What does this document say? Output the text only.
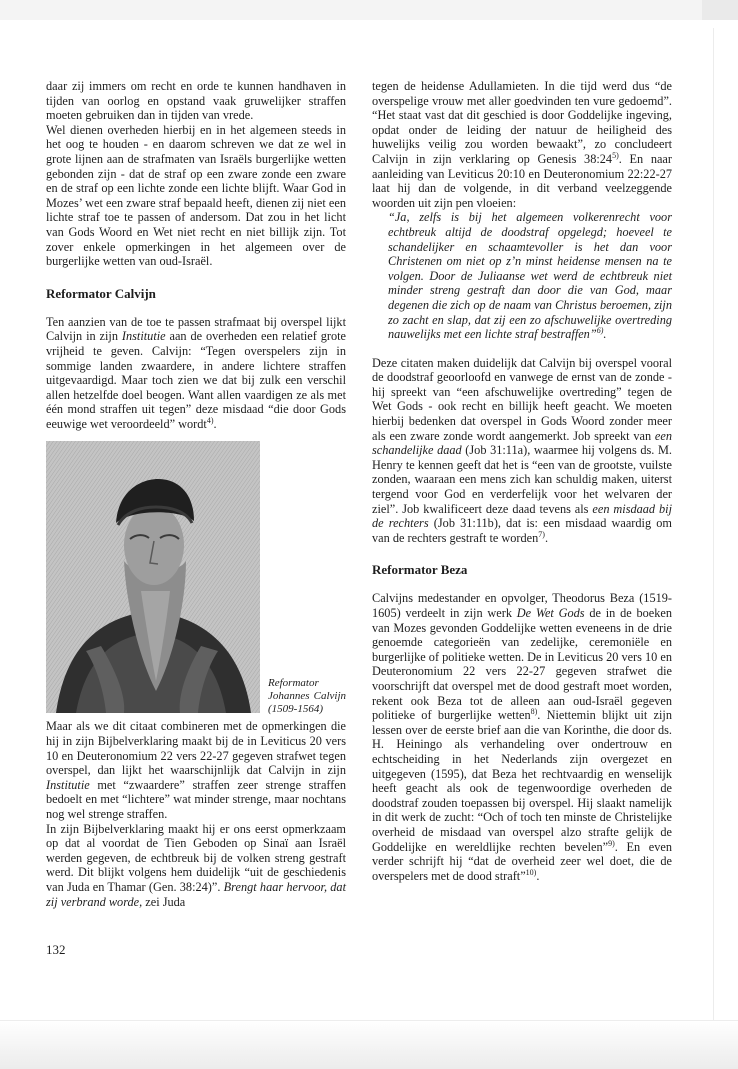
daar zij immers om recht en orde te kunnen handhaven in tijden van oorlog en opstand vaak gruwelijker straffen moeten gebruiken dan in tijden van vrede.

Wel dienen overheden hierbij en in het algemeen steeds in het oog te houden - en daarom schreven we dat ze wel in grote lijnen aan de strafmaten van Israëls burgerlijke wetten gebonden zijn - dat de straf op een zware zonde een zware en de straf op een lichte zonde een lichte blijft. Waar God in Mozes’ wet een zware straf bepaald heeft, dienen zij niet een lichte straf toe te passen of andersom. Dat zou in het licht van Gods Woord en Wet niet recht en niet billijk zijn. Tot zover enkele opmerkingen in het algemeen over de burgerlijke wetten van oud-Israël.

Reformator Calvijn

Ten aanzien van de toe te passen strafmaat bij overspel lijkt Calvijn in zijn Institutie aan de overheden een relatief grote vrijheid te geven. Calvijn: “Tegen overspelers zijn in sommige landen zwaardere, in andere lichtere straffen uitgevaardigd. Maar toch zien we dat bij zulk een verschil allen hetzelfde doel beogen. Want allen vaardigen ze als met één mond straffen uit tegen” deze misdaad “die door Gods eeuwige wet veroordeeld” wordt$^{4)}$.

Reformator Johannes Calvijn (1509-1564)

Maar als we dit citaat combineren met de opmerkingen die hij in zijn Bijbelverklaring maakt bij de in Leviticus 20 vers 10 en Deuteronomium 22 vers 22-27 gegeven strafwet tegen overspel, dan lijkt het waarschijnlijk dat Calvijn in zijn Institutie met “zwaardere” straffen zeer strenge straffen bedoelt en met “lichtere” wat minder strenge, maar nochtans nog wel strenge straffen.

In zijn Bijbelverklaring maakt hij er ons eerst opmerkzaam op dat al voordat de Tien Geboden op Sinaï aan Israël werden gegeven, de echtbreuk bij de volken streng gestraft werd. Dit blijkt volgens hem duidelijk “uit de geschiedenis van Juda en Thamar (Gen. 38:24)”. Brengt haar hervoor, dat zij verbrand worde, zei Juda

tegen de heidense Adullamieten. In die tijd werd dus “de overspelige vrouw met aller goedvinden ten vure gedoemd”. “Het staat vast dat dit geschied is door Goddelijke ingeving, opdat onder de leiding der natuur de heiligheid des huwelijks veilig zou worden bewaakt”, zo concludeert Calvijn in zijn verklaring op Genesis 38:24$^{5)}$. En naar aanleiding van Leviticus 20:10 en Deuteronomium 22:22-27 laat hij dan de volgende, in dit verband veelzeggende woorden uit zijn pen vloeien:

“Ja, zelfs is bij het algemeen volkerenrecht voor echtbreuk altijd de doodstraf opgelegd; hoeveel te schandelijker en schaamtevoller is het dan voor Christenen om niet op z’n minst heidense mensen na te volgen. Door de Juliaanse wet werd de echtbreuk niet minder streng gestraft dan door die van God, maar degenen die zich op de naam van Christus beroemen, zijn zo zacht en slap, dat zij een zo afschuwelijke overtreding nauwelijks met een lichte straf bestraffen”$^{6)}$.

Deze citaten maken duidelijk dat Calvijn bij overspel vooral de doodstraf geoorloofd en vanwege de ernst van de zonde - hij spreekt van “een afschuwelijke overtreding” tegen de Wet Gods - ook recht en billijk heeft geacht. We moeten hierbij bedenken dat overspel in Gods Woord zonder meer als een zware zonde wordt aangemerkt. Job spreekt van een schandelijke daad (Job 31:11a), waarmee hij volgens ds. M. Henry te kennen geeft dat het is “een van de grootste, vuilste zonden, waaraan een mens zich kan schuldig maken, uiterst tergend voor God en verderfelijk voor het welvaren der ziel”. Job kwalificeert deze daad tevens als een misdaad bij de rechters (Job 31:11b), dat is: een misdaad waardig om van de rechters gestraft te worden$^{7)}$.

Reformator Beza

Calvijns medestander en opvolger, Theodorus Beza (1519-1605) verdeelt in zijn werk De Wet Gods de in de boeken van Mozes gevonden Goddelijke wetten eveneens in de drie genoemde categorieën van zedelijke, ceremoniële en burgerlijke of politieke wetten. De in Leviticus 20 vers 10 en Deuteronomium 22 vers 22-27 gegeven strafwet die voorschrijft dat overspel met de dood gestraft moet worden, rekent ook Beza tot de alleen aan oud-Israël gegeven politieke of burgerlijke wetten$^{8)}$. Niettemin blijkt uit zijn lessen over de eerste brief aan die van Korinthe, die door ds. H. Heiningo als verhandeling over ondertrouw en echtscheiding in het Nederlands zijn overgezet en uitgegeven (1595), dat Beza het rechtvaardig en wenselijk heeft geacht als ook de tegenwoordige overheden de doodstraf zouden toepassen bij overspel. Hij slaakt namelijk in dit werk de zucht: “Och of toch ten minste de Christelijke overheid de misdaad van overspel alzo strafte gelijk de Goddelijke en wereldlijke rechten bevelen”$^{9)}$. En even verder schrijft hij “dat de overheid zeer wel doet, die de overspelers met de dood straft”$^{10)}$.

132
